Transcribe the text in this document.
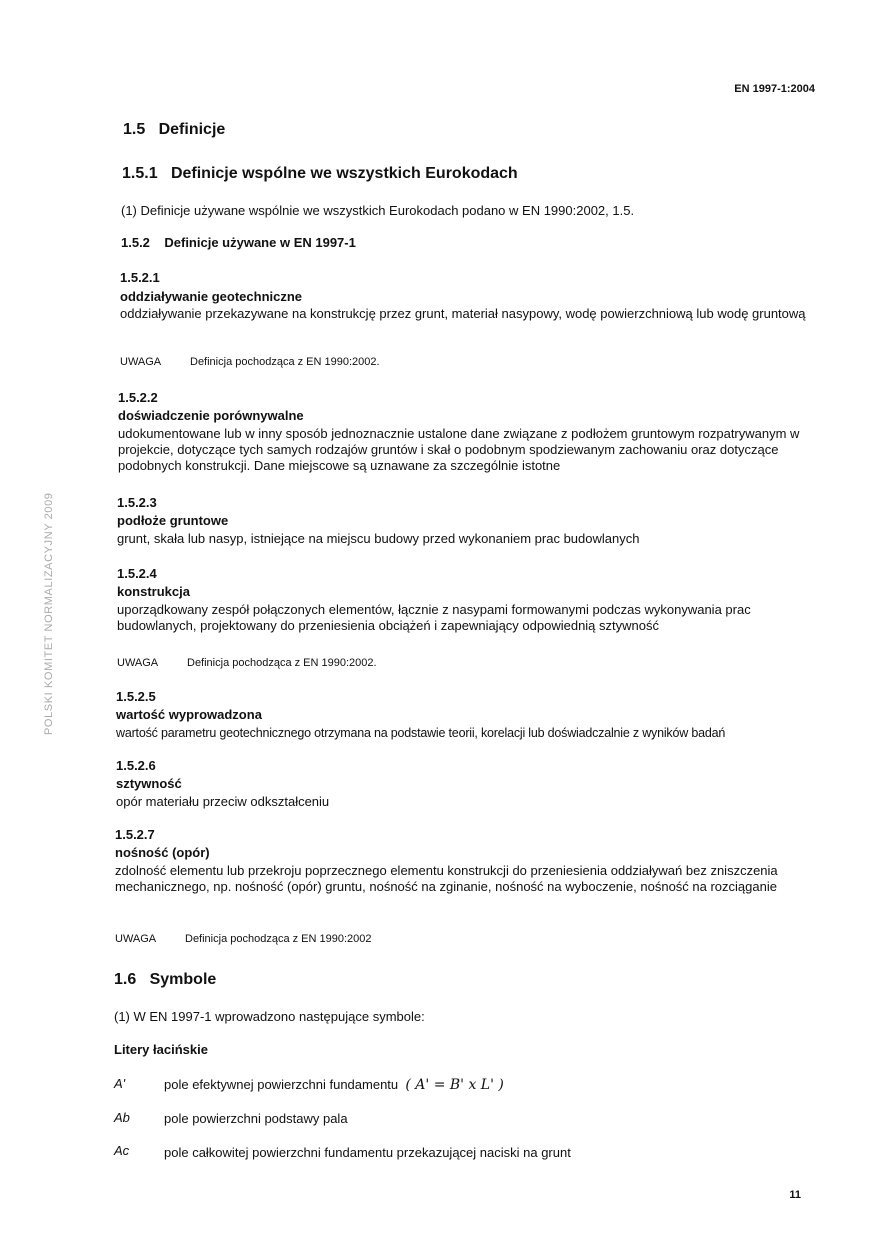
EN 1997-1:2004
POLSKI KOMITET NORMALIZACYJNY 2009
1.5 Definicje
1.5.1 Definicje wspólne we wszystkich Eurokodach
(1) Definicje używane wspólnie we wszystkich Eurokodach podano w EN 1990:2002, 1.5.
1.5.2 Definicje używane w EN 1997-1
1.5.2.1
oddziaływanie geotechniczne
oddziaływanie przekazywane na konstrukcję przez grunt, materiał nasypowy, wodę powierzchniową lub wodę gruntową
UWAGA	Definicja pochodząca z EN 1990:2002.
1.5.2.2
doświadczenie porównywalne
udokumentowane lub w inny sposób jednoznacznie ustalone dane związane z podłożem gruntowym rozpatrywanym w projekcie, dotyczące tych samych rodzajów gruntów i skał o podobnym spodziewanym zachowaniu oraz dotyczące podobnych konstrukcji. Dane miejscowe są uznawane za szczególnie istotne
1.5.2.3
podłoże gruntowe
grunt, skała lub nasyp, istniejące na miejscu budowy przed wykonaniem prac budowlanych
1.5.2.4
konstrukcja
uporządkowany zespół połączonych elementów, łącznie z nasypami formowanymi podczas wykonywania prac budowlanych, projektowany do przeniesienia obciążeń i zapewniający odpowiednią sztywność
UWAGA	Definicja pochodząca z EN 1990:2002.
1.5.2.5
wartość wyprowadzona
wartość parametru geotechnicznego otrzymana na podstawie teorii, korelacji lub doświadczalnie z wyników badań
1.5.2.6
sztywność
opór materiału przeciw odkształceniu
1.5.2.7
nośność (opór)
zdolność elementu lub przekroju poprzecznego elementu konstrukcji do przeniesienia oddziaływań bez zniszczenia mechanicznego, np. nośność (opór) gruntu, nośność na zginanie, nośność na wyboczenie, nośność na rozciąganie
UWAGA	Definicja pochodząca z EN 1990:2002
1.6 Symbole
(1) W EN 1997-1 wprowadzono następujące symbole:
Litery łacińskie
A'	pole efektywnej powierzchni fundamentu ( A' = B' x L' )
Ab	pole powierzchni podstawy pala
Ac	pole całkowitej powierzchni fundamentu przekazującej naciski na grunt
11
